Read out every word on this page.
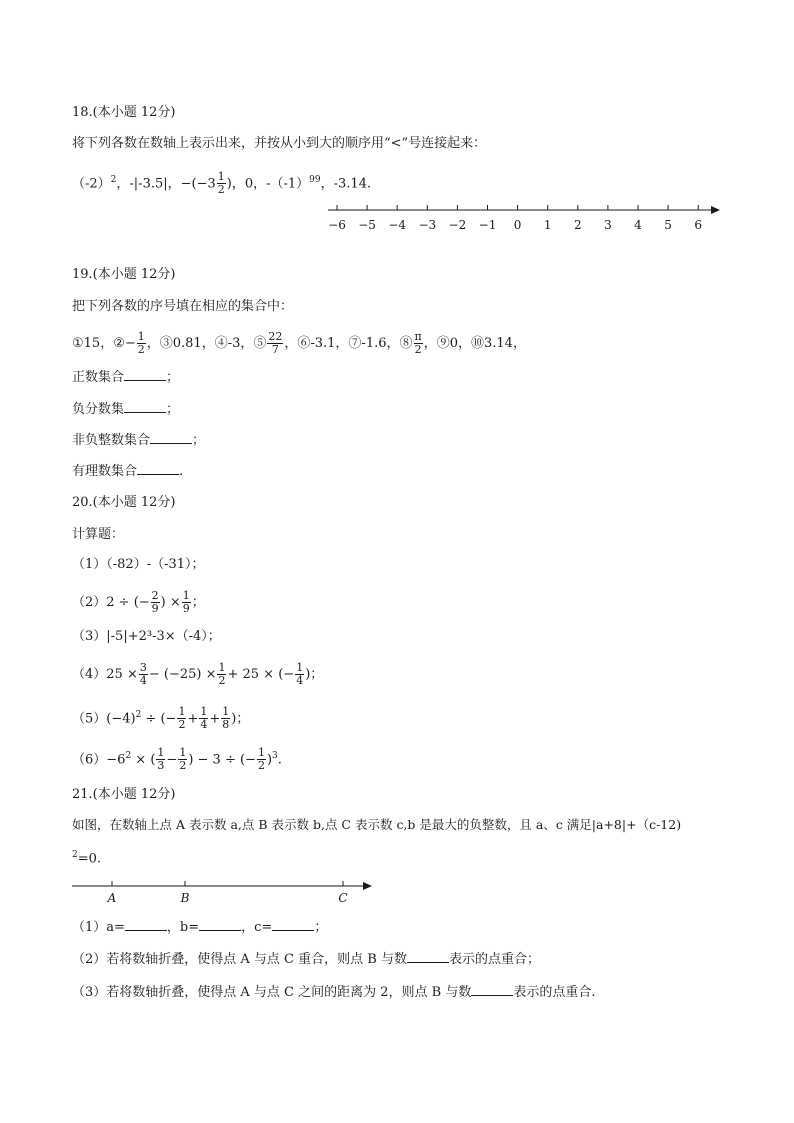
18.(本小题 12分)
将下列各数在数轴上表示出来，并按从小到大的顺序用“<”号连接起来：
$(-2)^2$，-|-3.5|，$-(-3 \frac{1}{2}$ )，0，$-(-1)^{99}$，-3.14.
−6 −5 −4 −3 −2 −1 0 1 2 3 4 5 6
19.(本小题 12分)
把下列各数的序号填在相应的集合中：
①15，②− $\frac{1}{2}$ ，③0.81，④-3，⑤ $\frac{22}{7}$ ，⑥-3.1，⑦-1.6，⑧ $\frac{\pi}{2}$ ，⑨0，⑩3.14，
正数集合	；
负分数集	；
非负整数集合	；
有理数集合	.
20.(本小题 12分)
计算题：
（1）（-82）-（-31）；
（2）2 ÷ (− $\frac{2}{9}$ ) × $\frac{1}{9}$ ；
（3）|-5|+2³-3×（-4）；
$(4)25 \times \frac{3}{4} - (-25) \times \frac{1}{2} + 25$ × (− $\frac{1}{4}$ )；
$(5)(-4)^2$ ÷ (− $\frac{1}{2} + \frac{1}{4} + \frac{1}{8}$ )；
$(6)-6^2$ × ( $\frac{1}{3} - \frac{1}{2}$ ) − 3 ÷ (− $\frac{1}{2} )^3$.
21.(本小题 12分)
如图，在数轴上点 A 表示数 a,点 B 表示数 b,点 C 表示数 c,b 是最大的负整数，且 a、c 满足|a+8|+（c-12)
$^2$=0.
A	B	C
（1）a=	，b=	，c=	；
（2）若将数轴折叠，使得点 A 与点 C 重合，则点 B 与数	表示的点重合；
（3）若将数轴折叠，使得点 A 与点 C 之间的距离为 2，则点 B 与数	表示的点重合.
